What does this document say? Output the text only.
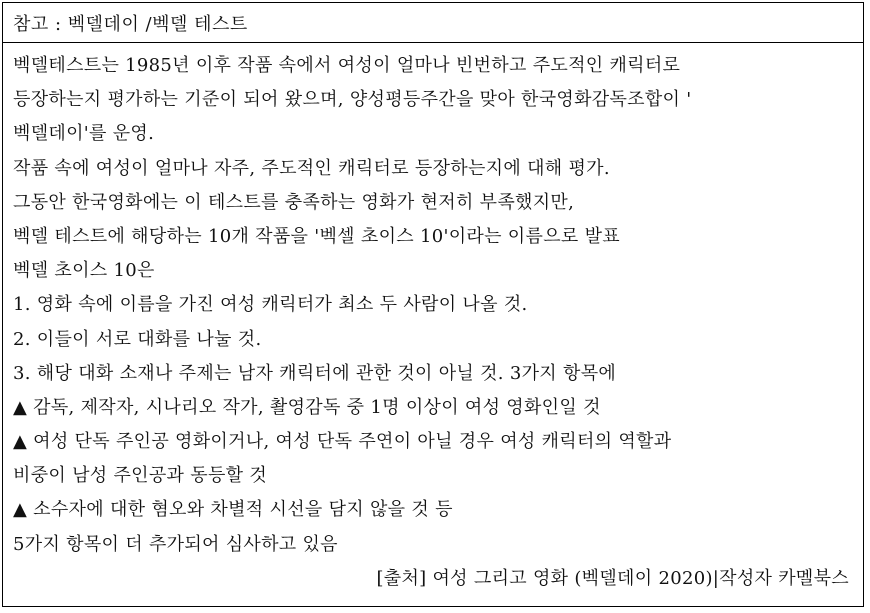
참고 : 벡델데이 /벡델 테스트
벡델테스트는 1985년 이후 작품 속에서 여성이 얼마나 빈번하고 주도적인 캐릭터로
등장하는지 평가하는 기준이 되어 왔으며, 양성평등주간을 맞아 한국영화감독조합이 '
벡델데이'를 운영.
작품 속에 여성이 얼마나 자주, 주도적인 캐릭터로 등장하는지에 대해 평가.
그동안 한국영화에는 이 테스트를 충족하는 영화가 현저히 부족했지만,
벡델 테스트에 해당하는 10개 작품을 '벡셀 초이스 10'이라는 이름으로 발표
벡델 초이스 10은
1. 영화 속에 이름을 가진 여성 캐릭터가 최소 두 사람이 나올 것.
2. 이들이 서로 대화를 나눌 것.
3. 해당 대화 소재나 주제는 남자 캐릭터에 관한 것이 아닐 것. 3가지 항목에
▲ 감독, 제작자, 시나리오 작가, 촬영감독 중 1명 이상이 여성 영화인일 것
▲ 여성 단독 주인공 영화이거나, 여성 단독 주연이 아닐 경우 여성 캐릭터의 역할과
비중이 남성 주인공과 동등할 것
▲ 소수자에 대한 혐오와 차별적 시선을 담지 않을 것 등
5가지 항목이 더 추가되어 심사하고 있음
[출처] 여성 그리고 영화 (벡델데이 2020)|작성자 카멜북스
